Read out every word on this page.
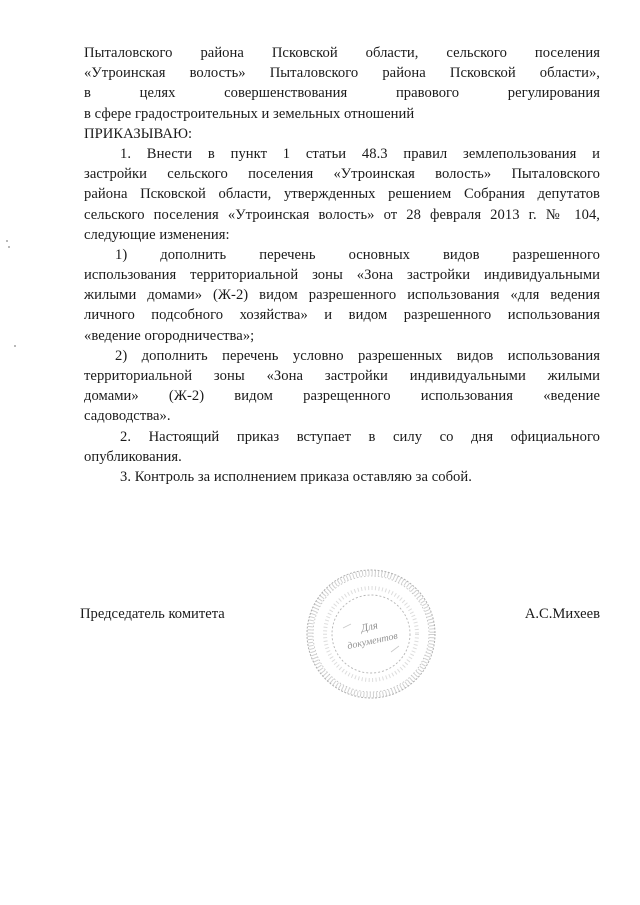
Пыталовского района Псковской области, сельского поселения
«Утроинская волость» Пыталовского района Псковской области»,
в целях совершенствования правового регулирования
в сфере градостроительных и земельных отношений
ПРИКАЗЫВАЮ:
1. Внести в пункт 1 статьи 48.3 правил землепользования и
застройки сельского поселения «Утроинская волость» Пыталовского
района Псковской области, утвержденных решением Собрания депутатов
сельского поселения «Утроинская волость» от 28 февраля 2013 г. № 104,
следующие изменения:
1) дополнить перечень основных видов разрешенного
использования территориальной зоны «Зона застройки индивидуальными
жилыми домами» (Ж-2) видом разрешенного использования «для ведения
личного подсобного хозяйства» и видом разрешенного использования
«ведение огородничества»;
2) дополнить перечень условно разрешенных видов использования
территориальной зоны «Зона застройки индивидуальными жилыми
домами» (Ж-2) видом разрещенного использования «ведение
садоводства».
2. Настоящий приказ вступает в силу со дня официального
опубликования.
3. Контроль за исполнением приказа оставляю за собой.
Председатель комитета	А.С.Михеев
Для
документов
